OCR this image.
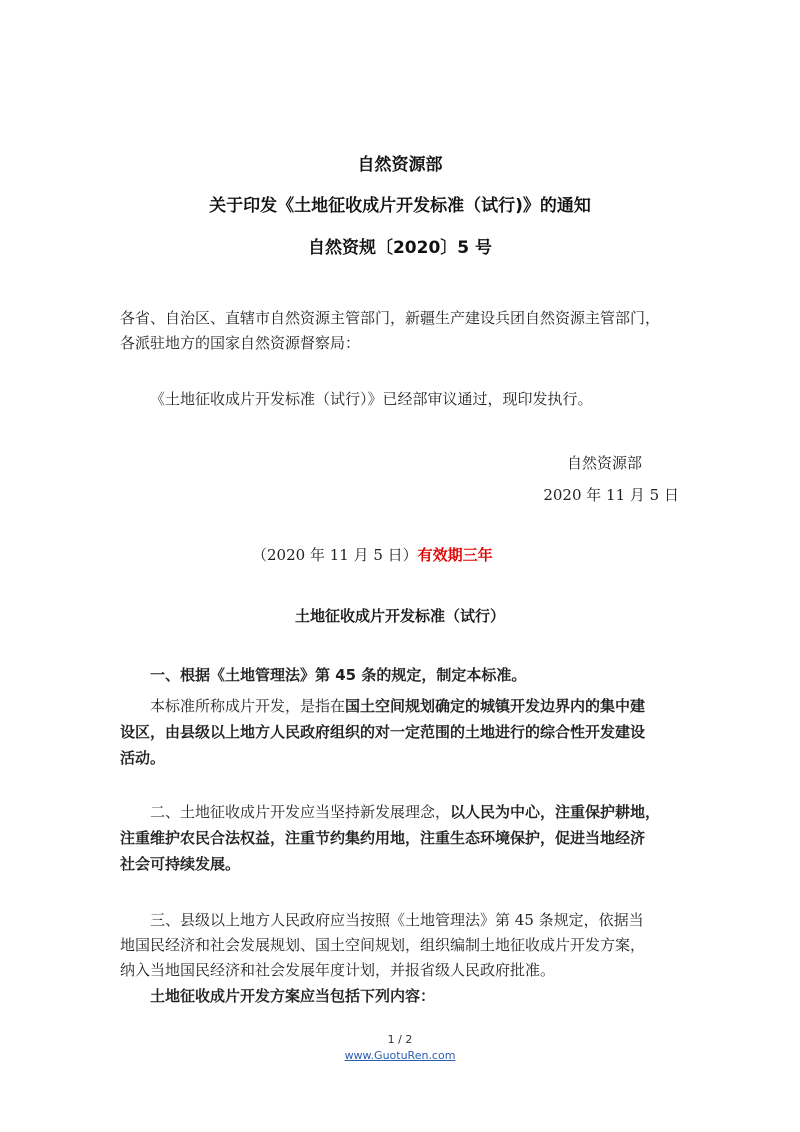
自然资源部
关于印发《土地征收成片开发标准（试行)》的通知
自然资规〔2020〕5 号
各省、自治区、直辖市自然资源主管部门，新疆生产建设兵团自然资源主管部门，
各派驻地方的国家自然资源督察局：
《土地征收成片开发标准（试行）》已经部审议通过，现印发执行。
自然资源部
2020 年 11 月 5 日
（2020 年 11 月 5 日）有效期三年
土地征收成片开发标准（试行）
一、根据《土地管理法》第 45 条的规定，制定本标准。
本标准所称成片开发，是指在国土空间规划确定的城镇开发边界内的集中建
设区，由县级以上地方人民政府组织的对一定范围的土地进行的综合性开发建设
活动。
二、土地征收成片开发应当坚持新发展理念，以人民为中心，注重保护耕地，
注重维护农民合法权益，注重节约集约用地，注重生态环境保护，促进当地经济
社会可持续发展。
三、县级以上地方人民政府应当按照《土地管理法》第 45 条规定，依据当
地国民经济和社会发展规划、国土空间规划，组织编制土地征收成片开发方案，
纳入当地国民经济和社会发展年度计划，并报省级人民政府批准。
土地征收成片开发方案应当包括下列内容：
1 / 2
www.GuotuRen.com
